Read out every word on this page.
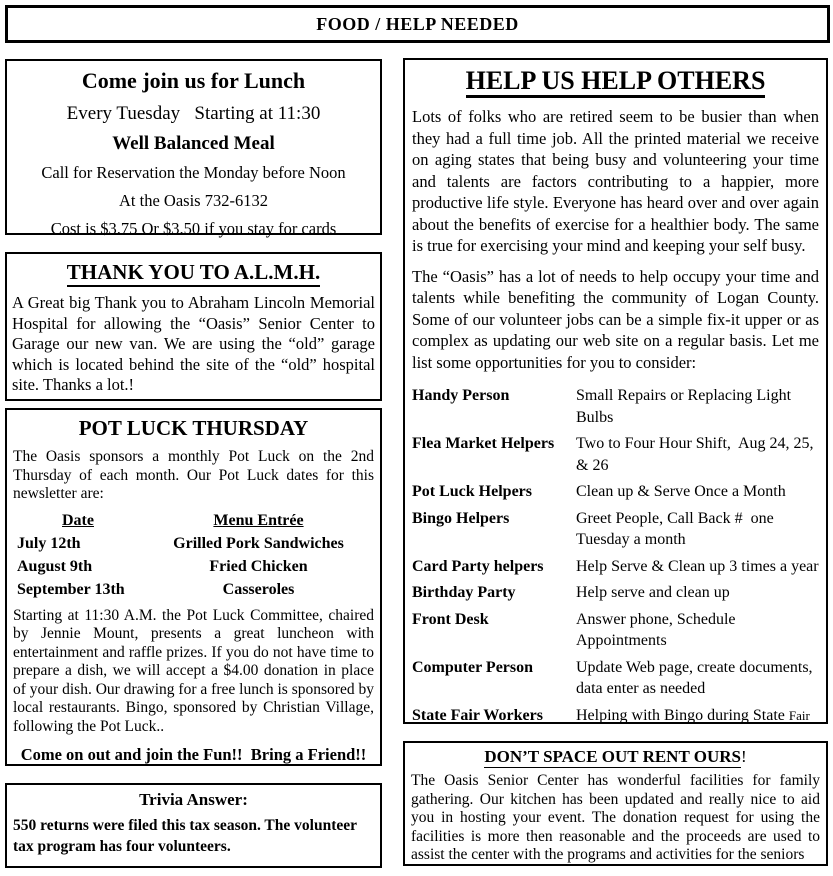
FOOD / HELP NEEDED
Come join us for Lunch

Every Tuesday   Starting at 11:30

Well Balanced Meal

Call for Reservation the Monday before Noon

At the Oasis 732-6132

Cost is $3.75 Or $3.50 if you stay for cards

THANK YOU TO A.L.M.H.

A Great big Thank you to Abraham Lincoln Memorial Hospital for allowing the “Oasis” Senior Center to Garage our new van. We are using the “old” garage which is located behind the site of the “old” hospital site. Thanks a lot.!

POT LUCK THURSDAY

The Oasis sponsors a monthly Pot Luck on the 2nd Thursday of each month. Our Pot Luck dates for this newsletter are:

Date	Menu Entrée
July 12th	Grilled Pork Sandwiches
August 9th	Fried Chicken
September 13th	Casseroles

Starting at 11:30 A.M. the Pot Luck Committee, chaired by Jennie Mount, presents a great luncheon with entertainment and raffle prizes. If you do not have time to prepare a dish, we will accept a $4.00 donation in place of your dish. Our drawing for a free lunch is sponsored by local restaurants. Bingo, sponsored by Christian Village, following the Pot Luck..

Come on out and join the Fun!!  Bring a Friend!!

Trivia Answer:

550 returns were filed this tax season. The volunteer tax program has four volunteers.

HELP US HELP OTHERS

Lots of folks who are retired seem to be busier than when they had a full time job. All the printed material we receive on aging states that being busy and volunteering your time and talents are factors contributing to a happier, more productive life style. Everyone has heard over and over again about the benefits of exercise for a healthier body. The same is true for exercising your mind and keeping your self busy.

The “Oasis” has a lot of needs to help occupy your time and talents while benefiting the community of Logan County. Some of our volunteer jobs can be a simple fix-it upper or as complex as updating our web site on a regular basis. Let me list some opportunities for you to consider:

Handy Person	Small Repairs or Replacing Light Bulbs
Flea Market Helpers	Two to Four Hour Shift,  Aug 24, 25, & 26
Pot Luck Helpers	Clean up & Serve Once a Month
Bingo Helpers	Greet People, Call Back #  one Tuesday a month
Card Party helpers	Help Serve & Clean up 3 times a year
Birthday Party	Help serve and clean up
Front Desk	Answer phone, Schedule Appointments
Computer Person	Update Web page, create documents, data enter as needed
State Fair Workers	Helping with Bingo during State Fair
DON’T SPACE OUT RENT OURS!

The Oasis Senior Center has wonderful facilities for family gathering. Our kitchen has been updated and really nice to aid you in hosting your event. The donation request for using the facilities is more then reasonable and the proceeds are used to assist the center with the programs and activities for the seniors
